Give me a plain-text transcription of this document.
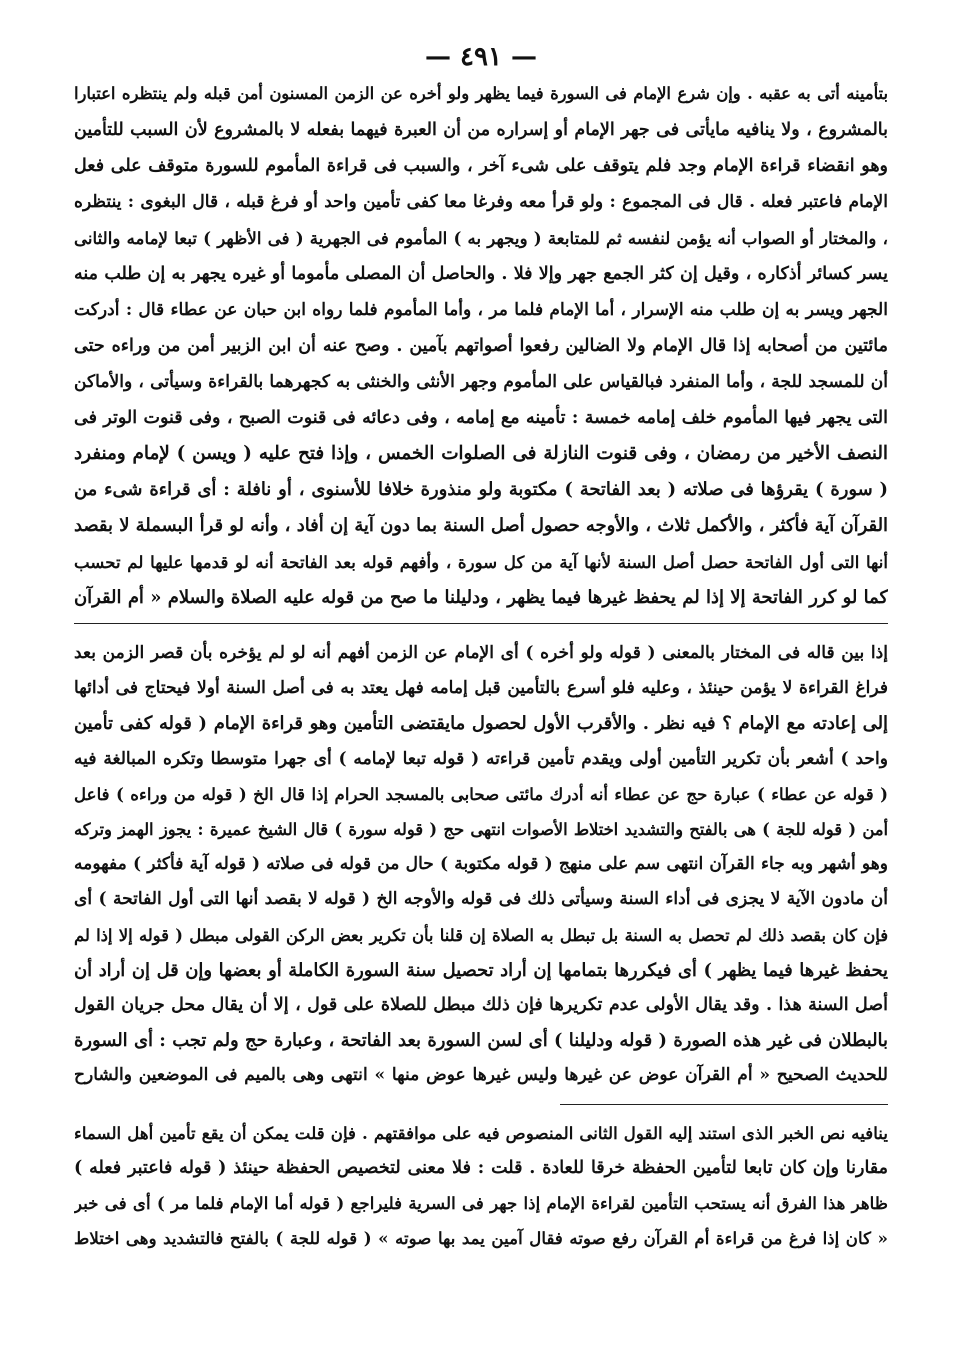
— ٤٩١ —
بتأمينه أتى به عقبه . وإن شرع الإمام فى السورة فيما يظهر ولو أخره عن الزمن المسنون أمن قبله ولم ينتظره اعتبارا
بالمشروع ، ولا ينافيه مايأتى فى جهر الإمام أو إسراره من أن العبرة فيهما بفعله لا بالمشروع لأن السبب للتأمين
وهو انقضاء قراءة الإمام وجد فلم يتوقف على شىء آخر ، والسبب فى قراءة المأموم للسورة متوقف على فعل
الإمام فاعتبر فعله . قال فى المجموع : ولو قرأ معه وفرغا معا كفى تأمين واحد أو فرغ قبله ، قال البغوى : ينتظره
، والمختار أو الصواب أنه يؤمن لنفسه ثم للمتابعة ( ويجهر به ) المأموم فى الجهرية ( فى الأظهر ) تبعا لإمامه والثانى
يسر كسائر أذكاره ، وقيل إن كثر الجمع جهر وإلا فلا . والحاصل أن المصلى مأموما أو غيره يجهر به إن طلب منه
الجهر ويسر به إن طلب منه الإسرار ، أما الإمام فلما مر ، وأما المأموم فلما رواه ابن حبان عن عطاء قال : أدركت
مائتين من أصحابه إذا قال الإمام ولا الضالين رفعوا أصواتهم بآمين . وصح عنه أن ابن الزبير أمن من وراءه حتى
أن للمسجد للجة ، وأما المنفرد فبالقياس على المأموم وجهر الأنثى والخنثى به كجهرهما بالقراءة وسيأتى ، والأماكن
التى يجهر فيها المأموم خلف إمامه خمسة : تأمينه مع إمامه ، وفى دعائه فى قنوت الصبح ، وفى قنوت الوتر فى
النصف الأخير من رمضان ، وفى قنوت النازلة فى الصلوات الخمس ، وإذا فتح عليه ( ويسن ) لإمام ومنفرد
( سورة ) يقرؤها فى صلاته ( بعد الفاتحة ) مكتوبة ولو منذورة خلافا للأسنوى ، أو نافلة : أى قراءة شىء من
القرآن آية فأكثر ، والأكمل ثلاث ، والأوجه حصول أصل السنة بما دون آية إن أفاد ، وأنه لو قرأ البسملة لا بقصد
أنها التى أول الفاتحة حصل أصل السنة لأنها آية من كل سورة ، وأفهم قوله بعد الفاتحة أنه لو قدمها عليها لم تحسب
كما لو كرر الفاتحة إلا إذا لم يحفظ غيرها فيما يظهر ، ودليلنا ما صح من قوله عليه الصلاة والسلام « أم القرآن
إذا بين قاله فى المختار بالمعنى ( قوله ولو أخره ) أى الإمام عن الزمن أفهم أنه لو لم يؤخره بأن قصر الزمن بعد
فراغ القراءة لا يؤمن حينئذ ، وعليه فلو أسرع بالتأمين قبل إمامه فهل يعتد به فى أصل السنة أولا فيحتاج فى أدائها
إلى إعادته مع الإمام ؟ فيه نظر . والأقرب الأول لحصول مايقتضى التأمين وهو قراءة الإمام ( قوله كفى تأمين
واحد ) أشعر بأن تكرير التأمين أولى ويقدم تأمين قراءته ( قوله تبعا لإمامه ) أى جهرا متوسطا وتكره المبالغة فيه
( قوله عن عطاء ) عبارة حج عن عطاء أنه أدرك مائتى صحابى بالمسجد الحرام إذا قال الخ ( قوله من وراءه ) فاعل
أمن ( قوله للجة ) هى بالفتح والتشديد اختلاط الأصوات انتهى حج ( قوله سورة ) قال الشيخ عميرة : يجوز الهمز وتركه
وهو أشهر وبه جاء القرآن انتهى سم على منهج ( قوله مكتوبة ) حال من قوله فى صلاته ( قوله آية فأكثر ) مفهومه
أن مادون الآية لا يجزى فى أداء السنة وسيأتى ذلك فى قوله والأوجه الخ ( قوله لا بقصد أنها التى أول الفاتحة ) أى
فإن كان بقصد ذلك لم تحصل به السنة بل تبطل به الصلاة إن قلنا بأن تكرير بعض الركن القولى مبطل ( قوله إلا إذا لم
يحفظ غيرها فيما يظهر ) أى فيكررها بتمامها إن أراد تحصيل سنة السورة الكاملة أو بعضها وإن قل إن أراد أن
أصل السنة هذا . وقد يقال الأولى عدم تكريرها فإن ذلك مبطل للصلاة على قول ، إلا أن يقال محل جريان القول
بالبطلان فى غير هذه الصورة ( قوله ودليلنا ) أى لسن السورة بعد الفاتحة ، وعبارة حج ولم تجب : أى السورة
للحديث الصحيح « أم القرآن عوض عن غيرها وليس غيرها عوض منها » انتهى وهى بالميم فى الموضعين والشارح
ينافيه نص الخبر الذى استند إليه القول الثانى المنصوص فيه على موافقتهم . فإن قلت يمكن أن يقع تأمين أهل السماء
مقارنا وإن كان تابعا لتأمين الحفظة خرقا للعادة . قلت : فلا معنى لتخصيص الحفظة حينئذ ( قوله فاعتبر فعله )
ظاهر هذا الفرق أنه يستحب التأمين لقراءة الإمام إذا جهر فى السرية فليراجع ( قوله أما الإمام فلما مر ) أى فى خبر
« كان إذا فرغ من قراءة أم القرآن رفع صوته فقال آمين يمد بها صوته » ( قوله للجة ) بالفتح فالتشديد وهى اختلاط
